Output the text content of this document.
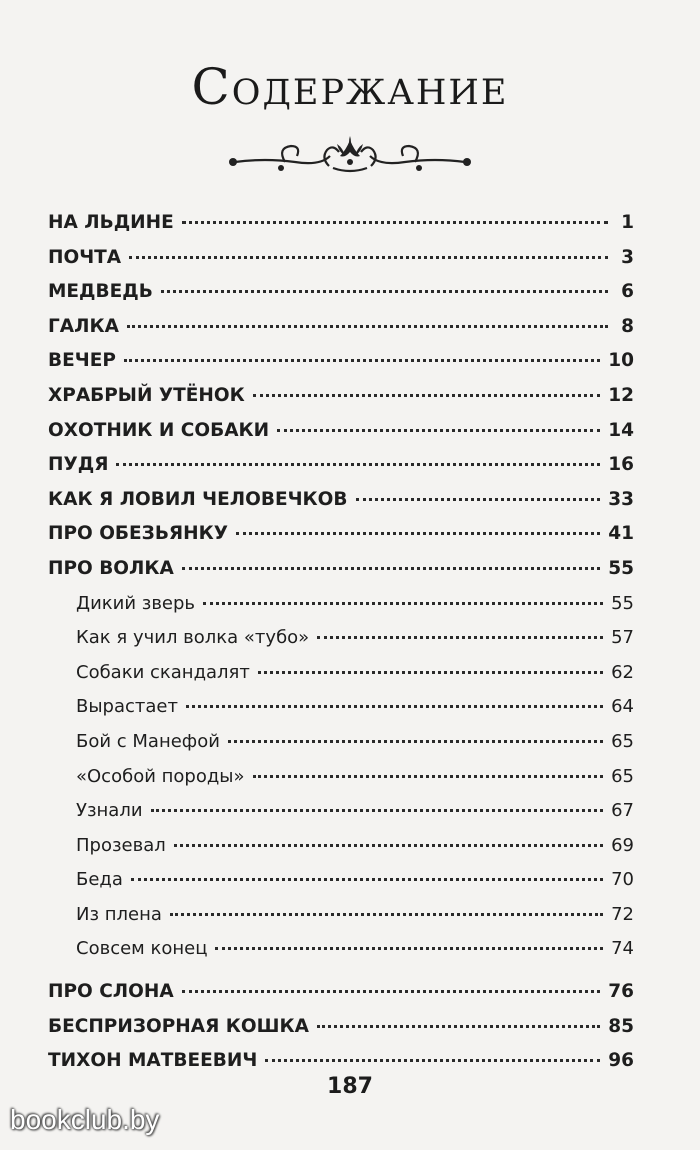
Содержание
НА ЛЬДИНЕ	1
ПОЧТА	3
МЕДВЕДЬ	6
ГАЛКА	8
ВЕЧЕР	10
ХРАБРЫЙ УТЁНОК	12
ОХОТНИК И СОБАКИ	14
ПУДЯ	16
КАК Я ЛОВИЛ ЧЕЛОВЕЧКОВ	33
ПРО ОБЕЗЬЯНКУ	41
ПРО ВОЛКА	55
Дикий зверь	55
Как я учил волка «тубо»	57
Собаки скандалят	62
Вырастает	64
Бой с Манефой	65
«Особой породы»	65
Узнали	67
Прозевал	69
Беда	70
Из плена	72
Совсем конец	74
ПРО СЛОНА	76
БЕСПРИЗОРНАЯ КОШКА	85
ТИХОН МАТВЕЕВИЧ	96
187
bookclub.by
